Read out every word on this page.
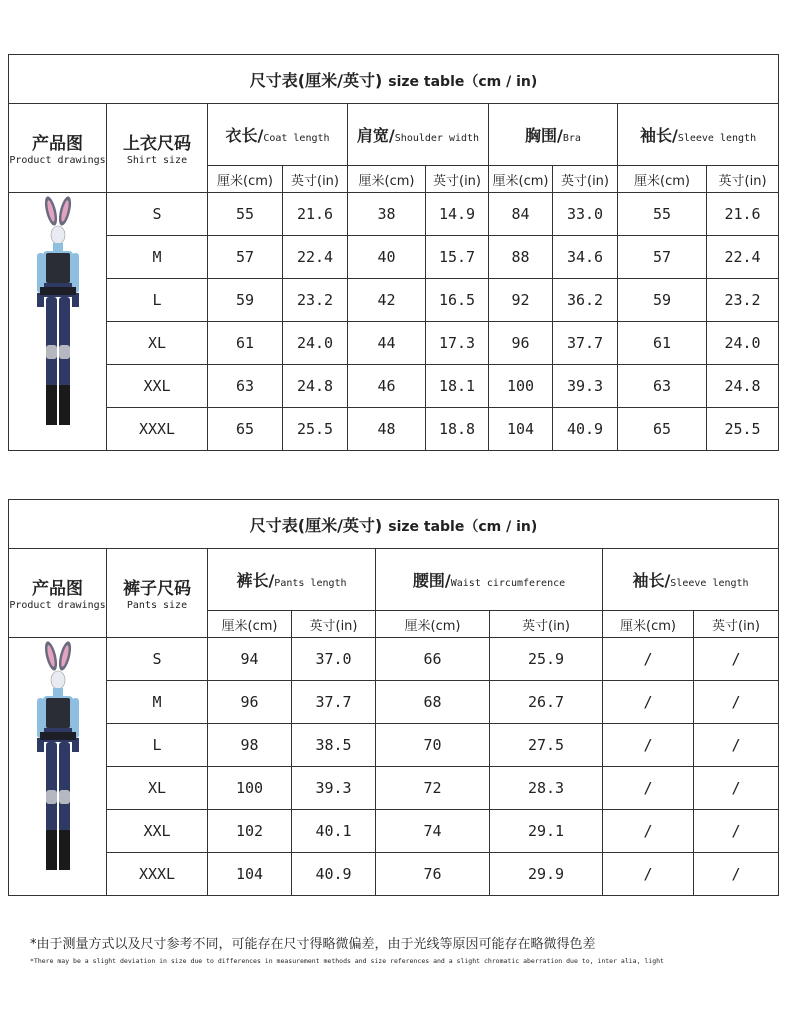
尺寸表(厘米/英寸) size table（cm / in)									

产品图
Product drawings	上衣尺码
Shirt size	衣长/Coat length		肩宽/Shoulder width		胸围/Bra		袖长/Sleeve length	
		厘米(cm)	英寸(in)	厘米(cm)	英寸(in)	厘米(cm)	英寸(in)	厘米(cm)	英寸(in)
	S	55	21.6	38	14.9	84	33.0	55	21.6
	M	57	22.4	40	15.7	88	34.6	57	22.4
	L	59	23.2	42	16.5	92	36.2	59	23.2
	XL	61	24.0	44	17.3	96	37.7	61	24.0
	XXL	63	24.8	46	18.1	100	39.3	63	24.8
	XXXL	65	25.5	48	18.8	104	40.9	65	25.5
尺寸表(厘米/英寸) size table（cm / in)							

产品图
Product drawings	裤子尺码
Pants size	裤长/Pants length		腰围/Waist circumference		袖长/Sleeve length	
		厘米(cm)	英寸(in)	厘米(cm)	英寸(in)	厘米(cm)	英寸(in)
	S	94	37.0	66	25.9	/	/
	M	96	37.7	68	26.7	/	/
	L	98	38.5	70	27.5	/	/
	XL	100	39.3	72	28.3	/	/
	XXL	102	40.1	74	29.1	/	/
	XXXL	104	40.9	76	29.9	/	/
*由于测量方式以及尺寸参考不同，可能存在尺寸得略微偏差，由于光线等原因可能存在略微得色差
*There may be a slight deviation in size due to differences in measurement methods and size references and a slight chromatic aberration due to, inter alia, light
